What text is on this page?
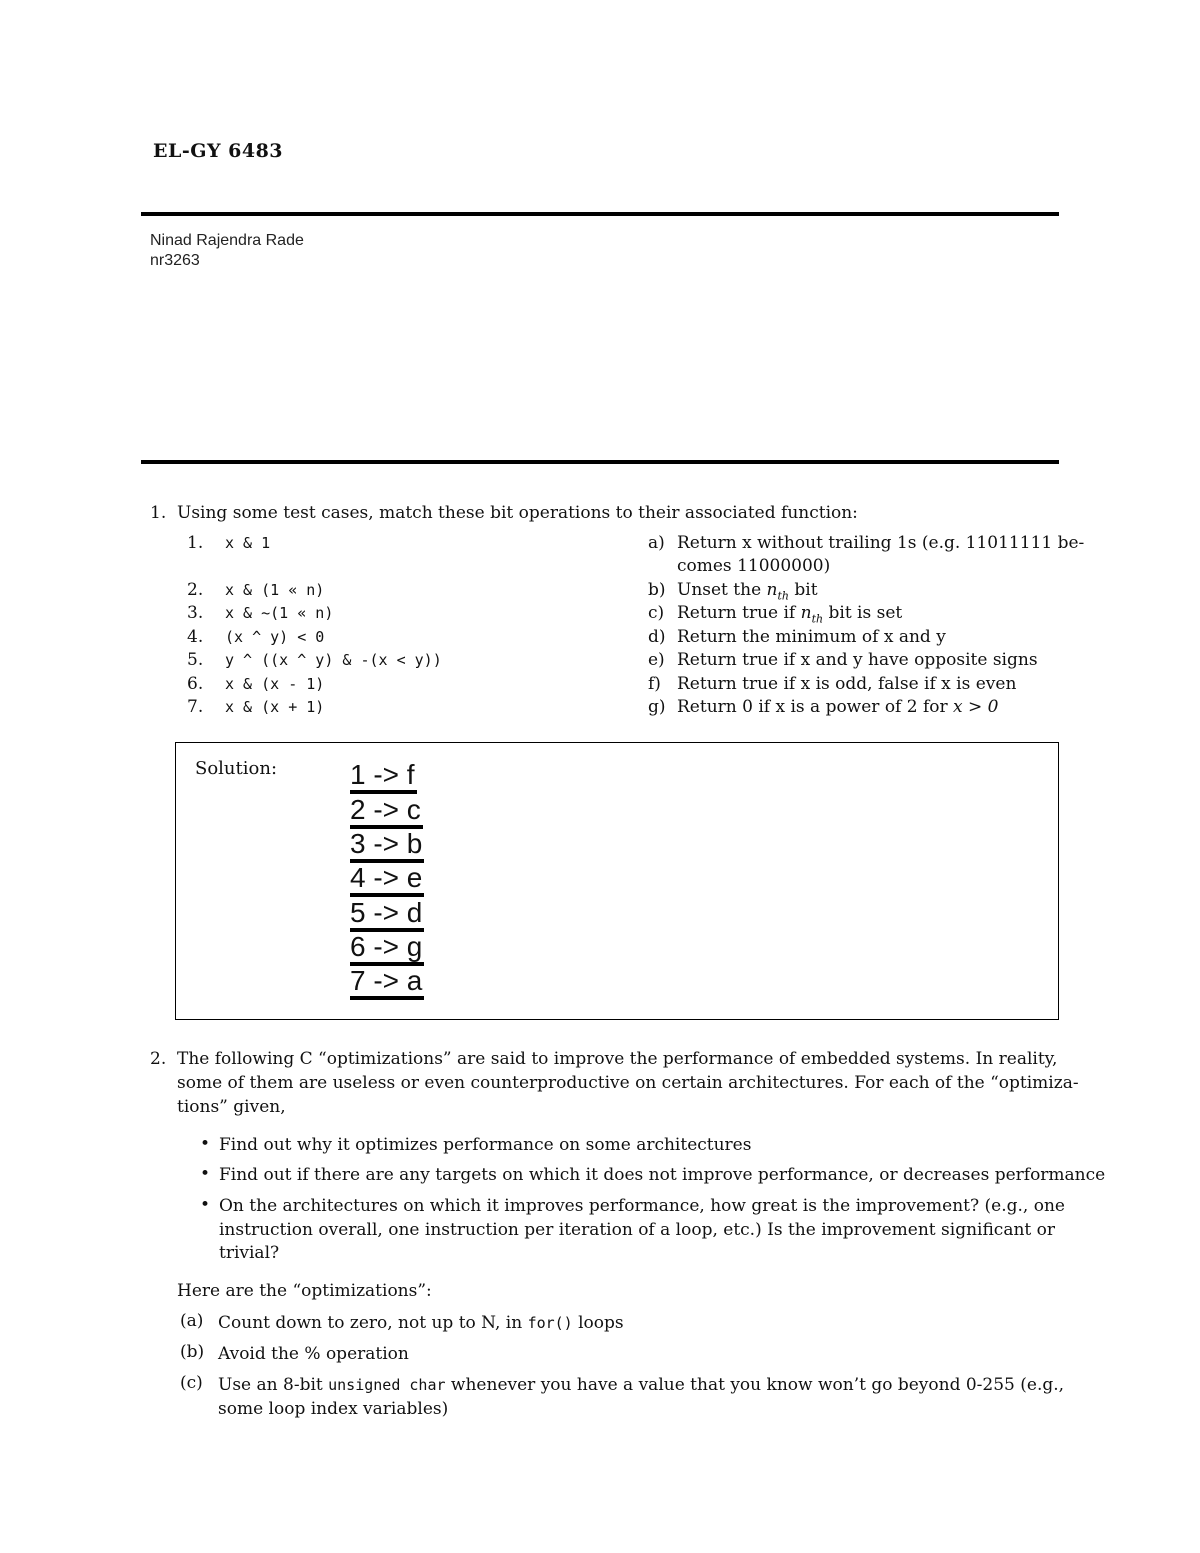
EL-GY 6483
Ninad Rajendra Rade
nr3263
1. Using some test cases, match these bit operations to their associated function:
1. x & 1
2. x & (1 « n)
3. x & ~(1 « n)
4. (x ^ y) < 0
5. y ^ ((x ^ y) & -(x < y))
6. x & (x - 1)
7. x & (x + 1)
a) Return x without trailing 1s (e.g. 11011111 be-
comes 11000000)
b) Unset the $n_{th}$ bit
c) Return true if $n_{th}$ bit is set
d) Return the minimum of x and y
e) Return true if x and y have opposite signs
f) Return true if x is odd, false if x is even
g) Return 0 if x is a power of 2 for x > 0
Solution:	1 -> f
2 -> c
3 -> b
4 -> e
5 -> d
6 -> g
7 -> a
2. The following C “optimizations” are said to improve the performance of embedded systems. In reality,
some of them are useless or even counterproductive on certain architectures. For each of the “optimiza-
tions” given,
• Find out why it optimizes performance on some architectures
• Find out if there are any targets on which it does not improve performance, or decreases performance
• On the architectures on which it improves performance, how great is the improvement? (e.g., one
instruction overall, one instruction per iteration of a loop, etc.) Is the improvement significant or
trivial?
Here are the “optimizations”:
(a) Count down to zero, not up to N, in for() loops
(b) Avoid the % operation
(c) Use an 8-bit unsigned char whenever you have a value that you know won’t go beyond 0-255 (e.g.,
some loop index variables)
